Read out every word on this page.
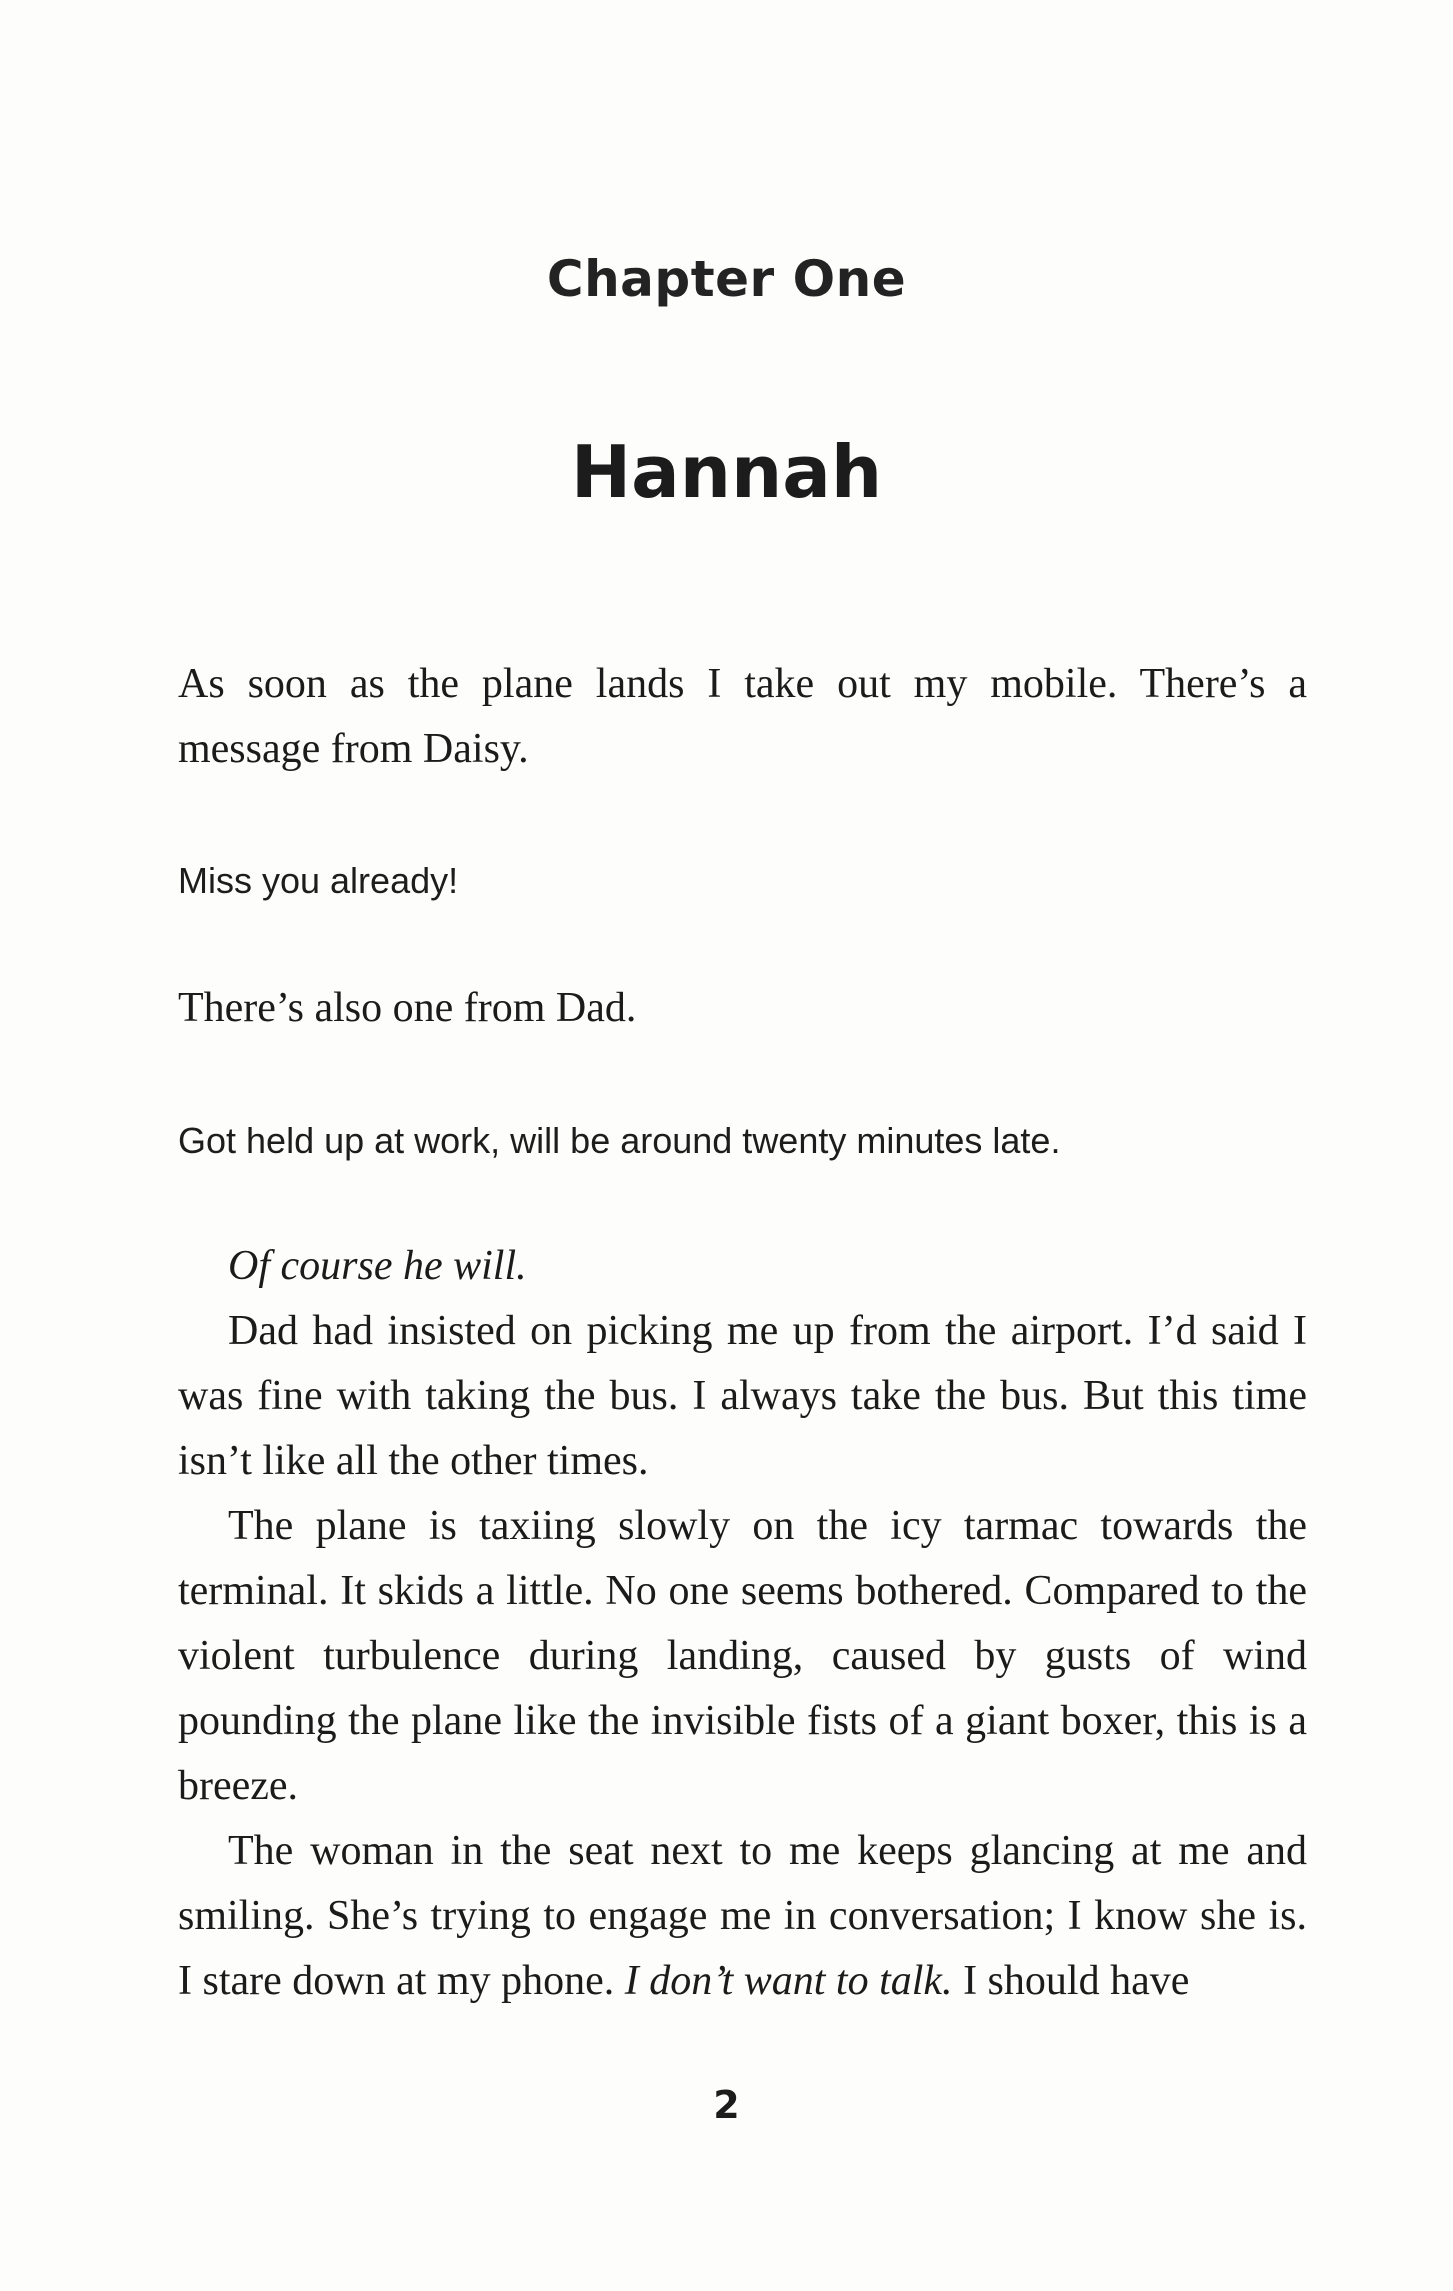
Chapter One
Hannah

As soon as the plane lands I take out my mobile. There’s a message from Daisy.

Miss you already!

There’s also one from Dad.

Got held up at work, will be around twenty minutes late.

Of course he will.

Dad had insisted on picking me up from the airport. I’d said I was fine with taking the bus. I always take the bus. But this time isn’t like all the other times.

The plane is taxiing slowly on the icy tarmac towards the terminal. It skids a little. No one seems bothered. Compared to the violent turbulence during landing, caused by gusts of wind pounding the plane like the invisible fists of a giant boxer, this is a breeze.

The woman in the seat next to me keeps glancing at me and smiling. She’s trying to engage me in conversation; I know she is. I stare down at my phone. I don’t want to talk. I should have

2
